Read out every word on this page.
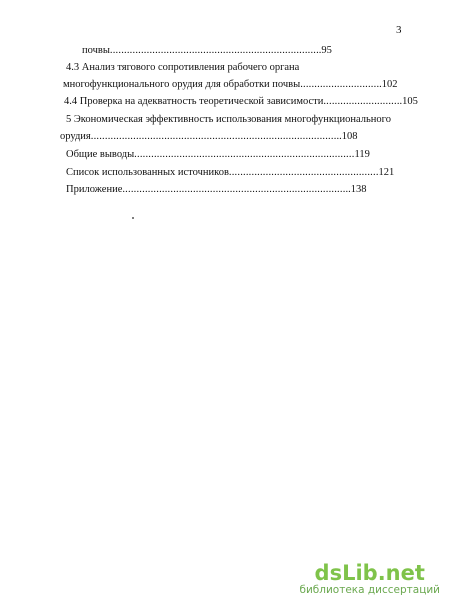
3
почвы...........................................................................95
4.3 Анализ тягового сопротивления рабочего органа
многофункционального орудия для обработки почвы.............................102
4.4 Проверка на адекватность теоретической зависимости............................105
5 Экономическая эффективность использования многофункционального
орудия.........................................................................................108
Общие выводы..............................................................................119
Список использованных источников.....................................................121
Приложение.................................................................................138
dsLib.net
библиотека диссертаций
